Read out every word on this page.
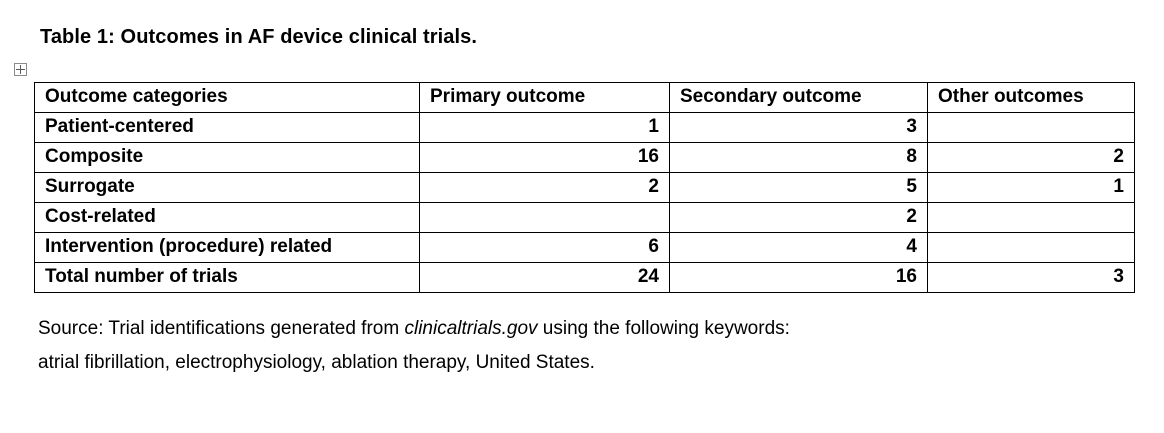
Table 1: Outcomes in AF device clinical trials.
Outcome categories	Primary outcome	Secondary outcome	Other outcomes
Patient-centered	1	3	
Composite	16	8	2
Surrogate	2	5	1
Cost-related		2	
Intervention (procedure) related	6	4	
Total number of trials	24	16	3
Source: Trial identifications generated from clinicaltrials.gov using the following keywords:
atrial fibrillation, electrophysiology, ablation therapy, United States.
